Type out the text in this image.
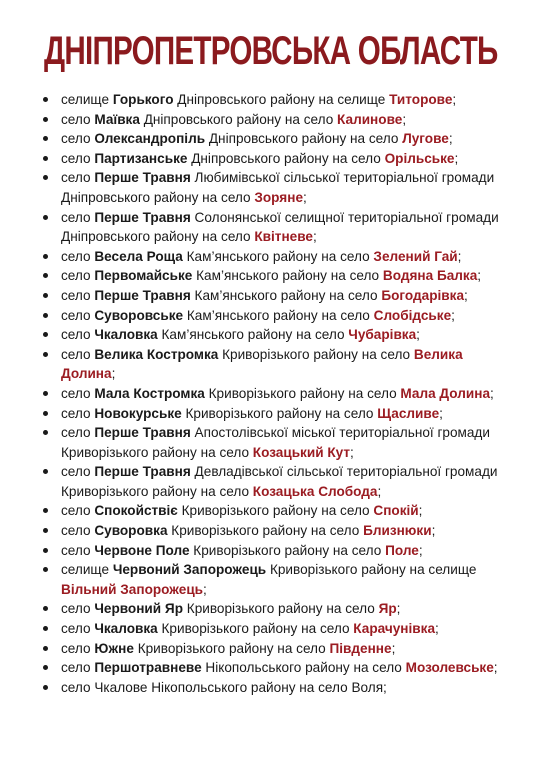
ДНІПРОПЕТРОВСЬКА ОБЛАСТЬ
селище Горького Дніпровського району на селище Титорове;
село Маївка Дніпровського району на село Калинове;
село Олександропіль Дніпровського району на село Лугове;
село Партизанське Дніпровського району на село Орільське;
село Перше Травня Любимівської сільської територіальної громади Дніпровського району на село Зоряне;
село Перше Травня Солонянської селищної територіальної громади Дніпровського району на село Квітневе;
село Весела Роща Кам’янського району на село Зелений Гай;
село Первомайське Кам’янського району на село Водяна Балка;
село Перше Травня Кам’янського району на село Богодарівка;
село Суворовське Кам’янського району на село Слобідське;
село Чкаловка Кам’янського району на село Чубарівка;
село Велика Костромка Криворізького району на село Велика Долина;
село Мала Костромка Криворізького району на село Мала Долина;
село Новокурське Криворізького району на село Щасливе;
село Перше Травня Апостолівської міської територіальної громади Криворізького району на село Козацький Кут;
село Перше Травня Девладівської сільської територіальної громади Криворізького району на село Козацька Слобода;
село Спокойствіє Криворізького району на село Спокій;
село Суворовка Криворізького району на село Близнюки;
село Червоне Поле Криворізького району на село Поле;
селище Червоний Запорожець Криворізького району на селище Вільний Запорожець;
село Червоний Яр Криворізького району на село Яр;
село Чкаловка Криворізького району на село Карачунівка;
село Южне Криворізького району на село Південне;
село Першотравневе Нікопольського району на село Мозолевське;
село Чкалове Нікопольського району на село Воля;
